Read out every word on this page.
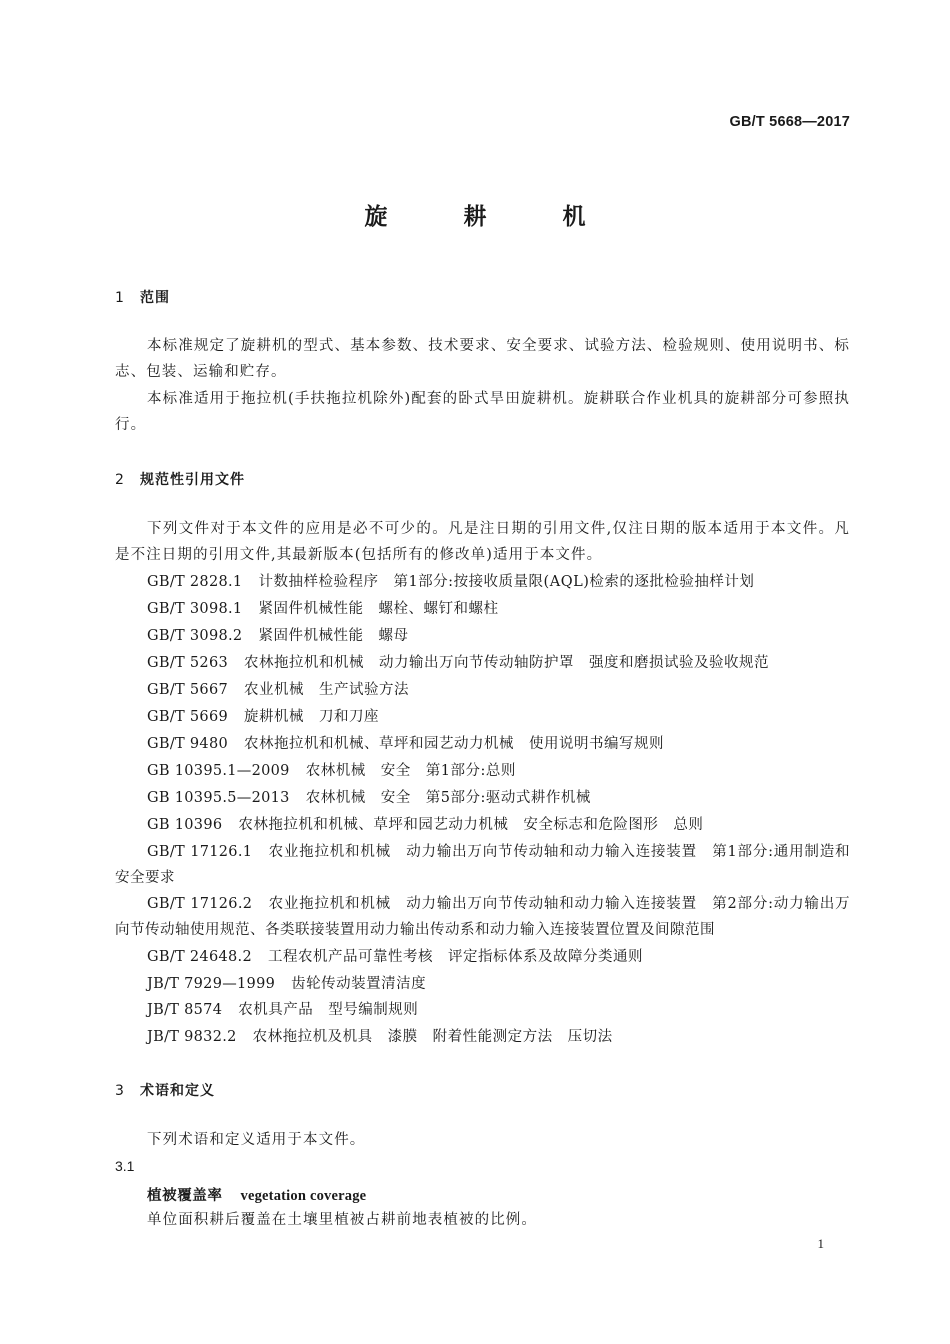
GB/T 5668—2017
旋 耕 机
1 范围
本标准规定了旋耕机的型式、基本参数、技术要求、安全要求、试验方法、检验规则、使用说明书、标志、包装、运输和贮存。
本标准适用于拖拉机(手扶拖拉机除外)配套的卧式旱田旋耕机。旋耕联合作业机具的旋耕部分可参照执行。
2 规范性引用文件
下列文件对于本文件的应用是必不可少的。凡是注日期的引用文件,仅注日期的版本适用于本文件。凡是不注日期的引用文件,其最新版本(包括所有的修改单)适用于本文件。
GB/T 2828.1 计数抽样检验程序　第1部分:按接收质量限(AQL)检索的逐批检验抽样计划
GB/T 3098.1 紧固件机械性能　螺栓、螺钉和螺柱
GB/T 3098.2 紧固件机械性能　螺母
GB/T 5263 农林拖拉机和机械　动力输出万向节传动轴防护罩　强度和磨损试验及验收规范
GB/T 5667 农业机械　生产试验方法
GB/T 5669 旋耕机械　刀和刀座
GB/T 9480 农林拖拉机和机械、草坪和园艺动力机械　使用说明书编写规则
GB 10395.1—2009 农林机械　安全　第1部分:总则
GB 10395.5—2013 农林机械　安全　第5部分:驱动式耕作机械
GB 10396 农林拖拉机和机械、草坪和园艺动力机械　安全标志和危险图形　总则
GB/T 17126.1 农业拖拉机和机械　动力输出万向节传动轴和动力输入连接装置　第1部分:通用制造和安全要求
GB/T 17126.2 农业拖拉机和机械　动力输出万向节传动轴和动力输入连接装置　第2部分:动力输出万向节传动轴使用规范、各类联接装置用动力输出传动系和动力输入连接装置位置及间隙范围
GB/T 24648.2 工程农机产品可靠性考核　评定指标体系及故障分类通则
JB/T 7929—1999 齿轮传动装置清洁度
JB/T 8574 农机具产品　型号编制规则
JB/T 9832.2 农林拖拉机及机具　漆膜　附着性能测定方法　压切法
3 术语和定义
下列术语和定义适用于本文件。
3.1
植被覆盖率 vegetation coverage
单位面积耕后覆盖在土壤里植被占耕前地表植被的比例。
1
